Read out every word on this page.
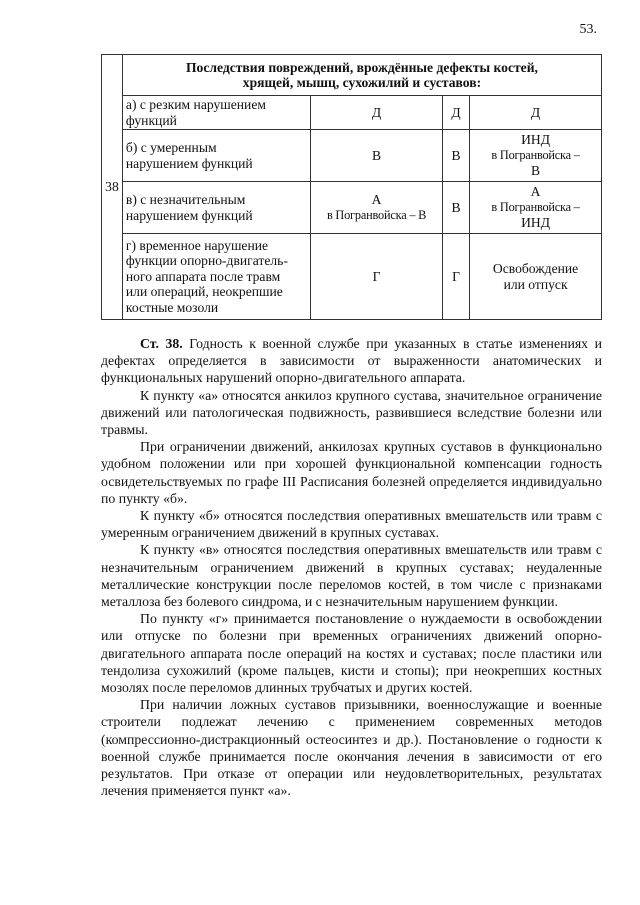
53.
38	Последствия повреждений, врождённые дефекты костей,
хрящей, мышц, сухожилий и суставов:			

	а) с резким нарушением
функций	Д	Д	Д

	б) с умеренным
нарушением функций	В	В	ИНД
в Погранвойска –
В

	в) с незначительным
нарушением функций	А
в Погранвойска – В	В	А
в Погранвойска –
ИНД

	г) временное нарушение
функции опорно-двигатель-
ного аппарата после травм
или операций, неокрепшие
костные мозоли	Г	Г	Освобождение
или отпуск

Ст. 38. Годность к военной службе при указанных в статье изменениях и дефектах определяется в зависимости от выраженности анатомических и функциональных нарушений опорно-двигательного аппарата.

К пункту «а» относятся анкилоз крупного сустава, значительное ограничение движений или патологическая подвижность, развившиеся вследствие болезни или травмы.

При ограничении движений, анкилозах крупных суставов в функционально удобном положении или при хорошей функциональной компенсации годность освидетельствуемых по графе III Расписания болезней определяется индивидуально по пункту «б».

К пункту «б» относятся последствия оперативных вмешательств или травм с умеренным ограничением движений в крупных суставах.

К пункту «в» относятся последствия оперативных вмешательств или травм с незначительным ограничением движений в крупных суставах; неудаленные металлические конструкции после переломов костей, в том числе с признаками металлоза без болевого синдрома, и с незначительным нарушением функции.

По пункту «г» принимается постановление о нуждаемости в освобождении или отпуске по болезни при временных ограничениях движений опорно-двигательного аппарата после операций на костях и суставах; после пластики или тендолиза сухожилий (кроме пальцев, кисти и стопы); при неокрепших костных мозолях после переломов длинных трубчатых и других костей.

При наличии ложных суставов призывники, военнослужащие и военные строители подлежат лечению с применением современных методов (компрессионно-дистракционный остеосинтез и др.). Постановление о годности к военной службе принимается после окончания лечения в зависимости от его результатов. При отказе от операции или неудовлетворительных, результатах лечения применяется пункт «а».
